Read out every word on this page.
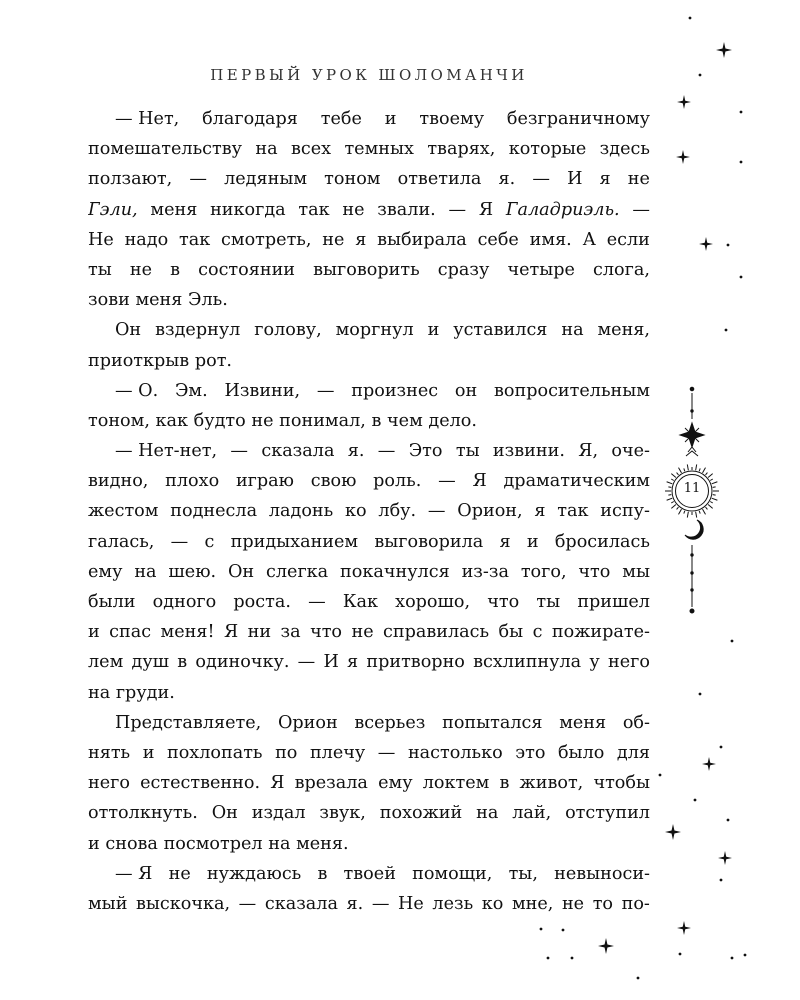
ПЕРВЫЙ УРОК ШОЛОМАНЧИ
— Нет, благодаря тебе и твоему безграничному
помешательству на всех темных тварях, которые здесь
ползают, — ледяным тоном ответила я. — И я не
Гэли, меня никогда так не звали. — Я Галадриэль. —
Не надо так смотреть, не я выбирала себе имя. А если
ты не в состоянии выговорить сразу четыре слога,
зови меня Эль.
Он вздернул голову, моргнул и уставился на меня,
приоткрыв рот.
— О. Эм. Извини, — произнес он вопросительным
тоном, как будто не понимал, в чем дело.
— Нет-нет, — сказала я. — Это ты извини. Я, оче-
видно, плохо играю свою роль. — Я драматическим
жестом поднесла ладонь ко лбу. — Орион, я так испу-
галась, — с придыханием выговорила я и бросилась
ему на шею. Он слегка покачнулся из-за того, что мы
были одного роста. — Как хорошо, что ты пришел
и спас меня! Я ни за что не справилась бы с пожирате-
лем душ в одиночку. — И я притворно всхлипнула у него
на груди.
Представляете, Орион всерьез попытался меня об-
нять и похлопать по плечу — настолько это было для
него естественно. Я врезала ему локтем в живот, чтобы
оттолкнуть. Он издал звук, похожий на лай, отступил
и снова посмотрел на меня.
— Я не нуждаюсь в твоей помощи, ты, невыноси-
мый выскочка, — сказала я. — Не лезь ко мне, не то по-
11
